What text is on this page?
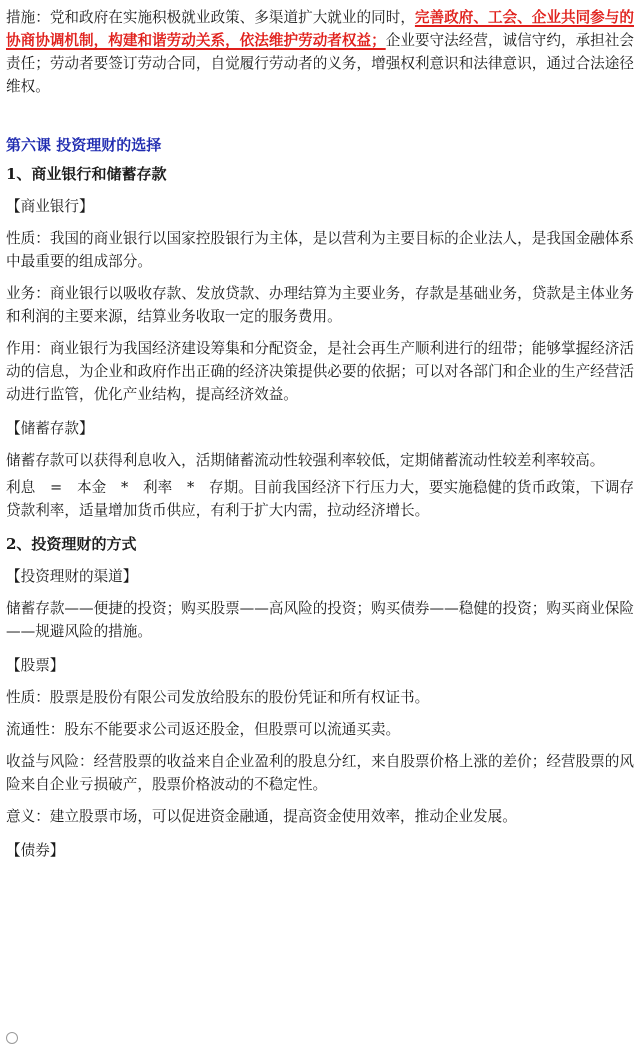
措施：党和政府在实施积极就业政策、多渠道扩大就业的同时，完善政府、工会、企业共同参与的协商协调机制，构建和谐劳动关系，依法维护劳动者权益；企业要守法经营，诚信守约，承担社会责任；劳动者要签订劳动合同，自觉履行劳动者的义务，增强权利意识和法律意识，通过合法途径维权。

第六课 投资理财的选择

1、商业银行和储蓄存款

【商业银行】

性质：我国的商业银行以国家控股银行为主体，是以营利为主要目标的企业法人，是我国金融体系中最重要的组成部分。

业务：商业银行以吸收存款、发放贷款、办理结算为主要业务，存款是基础业务，贷款是主体业务和利润的主要来源，结算业务收取一定的服务费用。

作用：商业银行为我国经济建设筹集和分配资金，是社会再生产顺利进行的纽带；能够掌握经济活动的信息，为企业和政府作出正确的经济决策提供必要的依据；可以对各部门和企业的生产经营活动进行监管，优化产业结构，提高经济效益。

【储蓄存款】

储蓄存款可以获得利息收入，活期储蓄流动性较强利率较低，定期储蓄流动性较差利率较高。

利息 = 本金 * 利率 * 存期。目前我国经济下行压力大，要实施稳健的货币政策，下调存贷款利率，适量增加货币供应，有利于扩大内需，拉动经济增长。

2、投资理财的方式

【投资理财的渠道】

储蓄存款——便捷的投资；购买股票——高风险的投资；购买债券——稳健的投资；购买商业保险——规避风险的措施。

【股票】

性质：股票是股份有限公司发放给股东的股份凭证和所有权证书。

流通性：股东不能要求公司返还股金，但股票可以流通买卖。

收益与风险：经营股票的收益来自企业盈利的股息分红，来自股票价格上涨的差价；经营股票的风险来自企业亏损破产，股票价格波动的不稳定性。

意义：建立股票市场，可以促进资金融通，提高资金使用效率，推动企业发展。

【债券】
